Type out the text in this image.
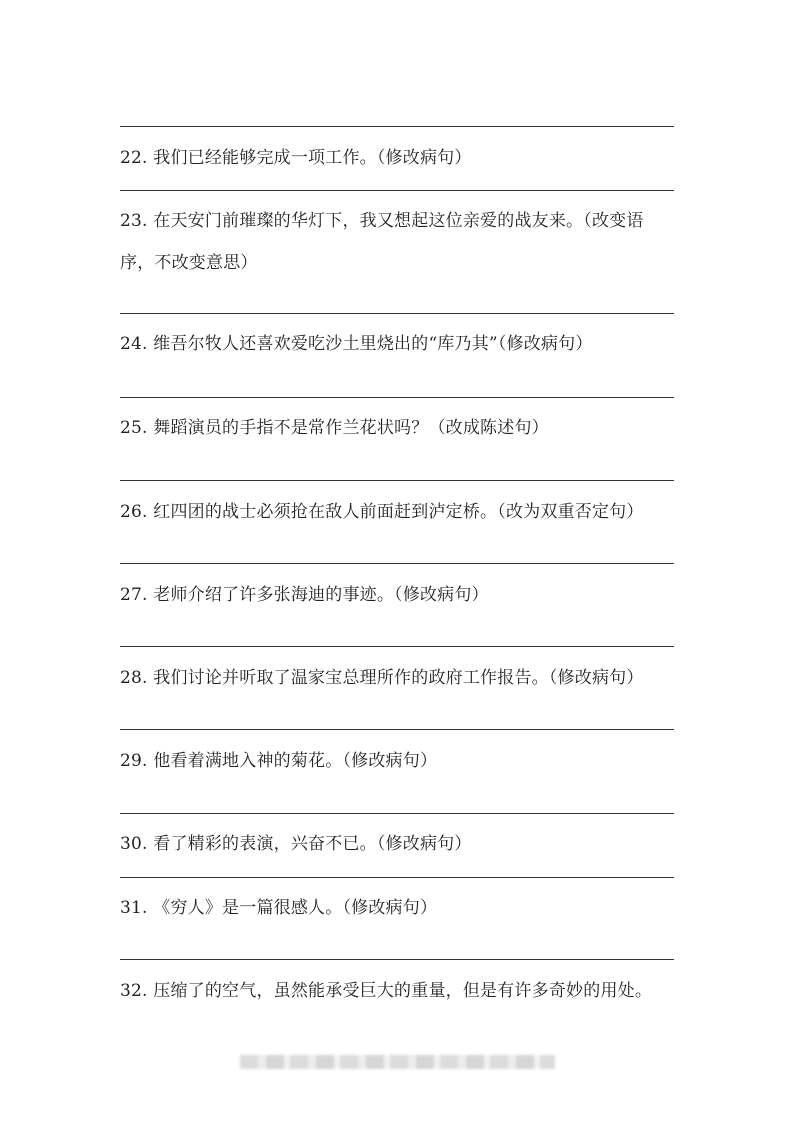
22. 我们已经能够完成一项工作。（修改病句）
23. 在天安门前璀璨的华灯下，我又想起这位亲爱的战友来。（改变语
序，不改变意思）
24. 维吾尔牧人还喜欢爱吃沙土里烧出的“库乃其”（修改病句）
25. 舞蹈演员的手指不是常作兰花状吗？（改成陈述句）
26. 红四团的战士必须抢在敌人前面赶到泸定桥。（改为双重否定句）
27. 老师介绍了许多张海迪的事迹。（修改病句）
28. 我们讨论并听取了温家宝总理所作的政府工作报告。（修改病句）
29. 他看着满地入神的菊花。（修改病句）
30. 看了精彩的表演，兴奋不已。（修改病句）
31. 《穷人》是一篇很感人。（修改病句）
32. 压缩了的空气，虽然能承受巨大的重量，但是有许多奇妙的用处。
